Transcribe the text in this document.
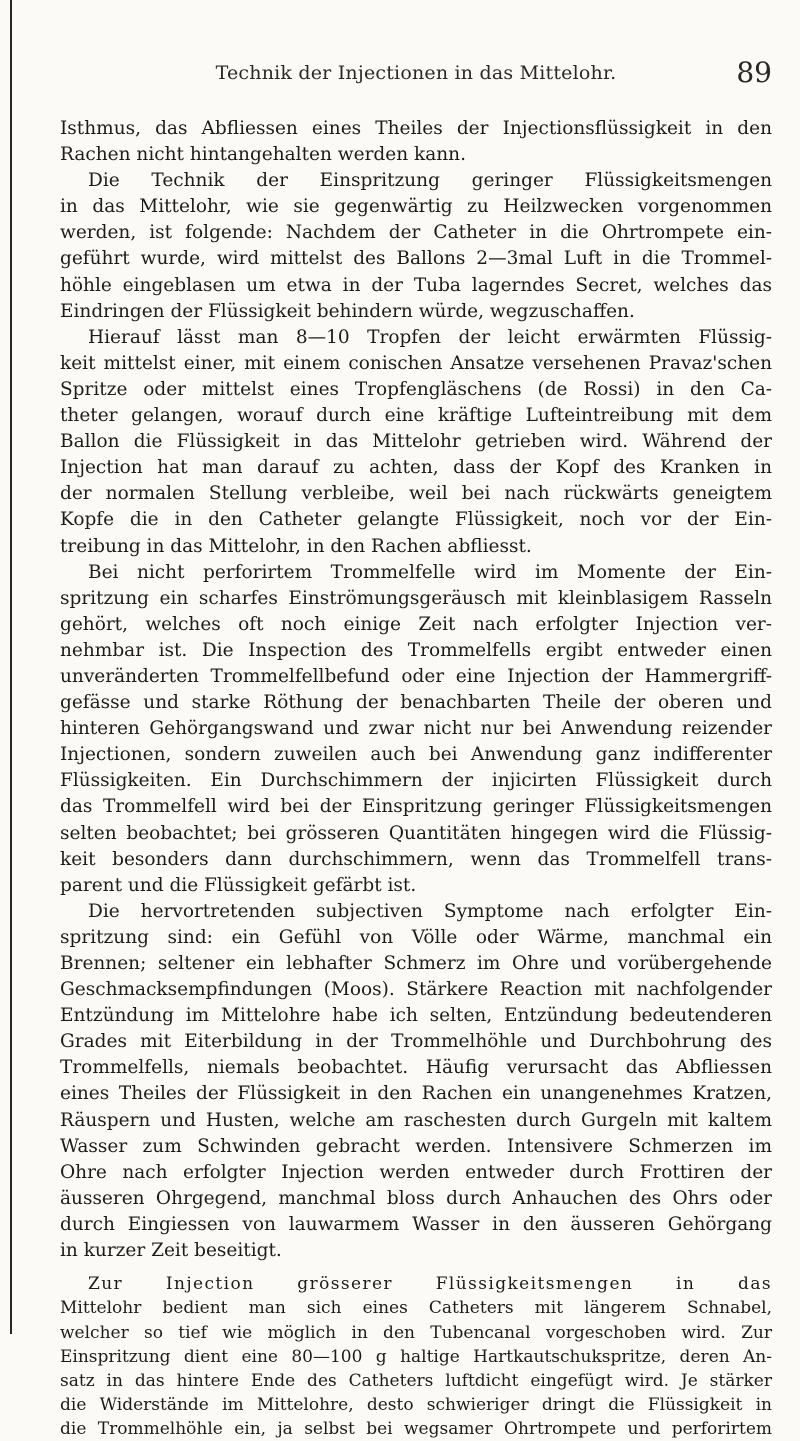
Technik der Injectionen in das Mittelohr.	89
Isthmus, das Abfliessen eines Theiles der Injectionsflüssigkeit in den
Rachen nicht hintangehalten werden kann.
Die Technik der Einspritzung geringer Flüssigkeitsmengen
in das Mittelohr, wie sie gegenwärtig zu Heilzwecken vorgenommen
werden, ist folgende: Nachdem der Catheter in die Ohrtrompete ein-
geführt wurde, wird mittelst des Ballons 2—3mal Luft in die Trommel-
höhle eingeblasen um etwa in der Tuba lagerndes Secret, welches das
Eindringen der Flüssigkeit behindern würde, wegzuschaffen.
Hierauf lässt man 8—10 Tropfen der leicht erwärmten Flüssig-
keit mittelst einer, mit einem conischen Ansatze versehenen Pravaz'schen
Spritze oder mittelst eines Tropfengläschens (de Rossi) in den Ca-
theter gelangen, worauf durch eine kräftige Lufteintreibung mit dem
Ballon die Flüssigkeit in das Mittelohr getrieben wird. Während der
Injection hat man darauf zu achten, dass der Kopf des Kranken in
der normalen Stellung verbleibe, weil bei nach rückwärts geneigtem
Kopfe die in den Catheter gelangte Flüssigkeit, noch vor der Ein-
treibung in das Mittelohr, in den Rachen abfliesst.
Bei nicht perforirtem Trommelfelle wird im Momente der Ein-
spritzung ein scharfes Einströmungsgeräusch mit kleinblasigem Rasseln
gehört, welches oft noch einige Zeit nach erfolgter Injection ver-
nehmbar ist. Die Inspection des Trommelfells ergibt entweder einen
unveränderten Trommelfellbefund oder eine Injection der Hammergriff-
gefässe und starke Röthung der benachbarten Theile der oberen und
hinteren Gehörgangswand und zwar nicht nur bei Anwendung reizender
Injectionen, sondern zuweilen auch bei Anwendung ganz indifferenter
Flüssigkeiten. Ein Durchschimmern der injicirten Flüssigkeit durch
das Trommelfell wird bei der Einspritzung geringer Flüssigkeitsmengen
selten beobachtet; bei grösseren Quantitäten hingegen wird die Flüssig-
keit besonders dann durchschimmern, wenn das Trommelfell trans-
parent und die Flüssigkeit gefärbt ist.
Die hervortretenden subjectiven Symptome nach erfolgter Ein-
spritzung sind: ein Gefühl von Völle oder Wärme, manchmal ein
Brennen; seltener ein lebhafter Schmerz im Ohre und vorübergehende
Geschmacksempfindungen (Moos). Stärkere Reaction mit nachfolgender
Entzündung im Mittelohre habe ich selten, Entzündung bedeutenderen
Grades mit Eiterbildung in der Trommelhöhle und Durchbohrung des
Trommelfells, niemals beobachtet. Häufig verursacht das Abfliessen
eines Theiles der Flüssigkeit in den Rachen ein unangenehmes Kratzen,
Räuspern und Husten, welche am raschesten durch Gurgeln mit kaltem
Wasser zum Schwinden gebracht werden. Intensivere Schmerzen im
Ohre nach erfolgter Injection werden entweder durch Frottiren der
äusseren Ohrgegend, manchmal bloss durch Anhauchen des Ohrs oder
durch Eingiessen von lauwarmem Wasser in den äusseren Gehörgang
in kurzer Zeit beseitigt.
Zur Injection grösserer Flüssigkeitsmengen in das
Mittelohr bedient man sich eines Catheters mit längerem Schnabel,
welcher so tief wie möglich in den Tubencanal vorgeschoben wird. Zur
Einspritzung dient eine 80—100 g haltige Hartkautschukspritze, deren An-
satz in das hintere Ende des Catheters luftdicht eingefügt wird. Je stärker
die Widerstände im Mittelohre, desto schwieriger dringt die Flüssigkeit in
die Trommelhöhle ein, ja selbst bei wegsamer Ohrtrompete und perforirtem
